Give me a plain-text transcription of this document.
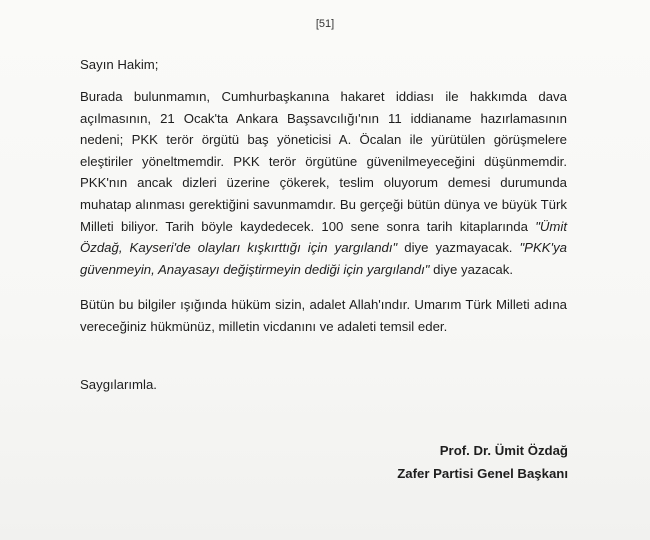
[51]
Sayın Hakim;
Burada bulunmamın, Cumhurbaşkanına hakaret iddiası ile hakkımda dava açılmasının, 21 Ocak'ta Ankara Başsavcılığı'nın 11 iddianame hazırlamasının nedeni; PKK terör örgütü baş yöneticisi A. Öcalan ile yürütülen görüşmelere eleştiriler yöneltmemdir. PKK terör örgütüne güvenilmeyeceğini düşünmemdir. PKK'nın ancak dizleri üzerine çökerek, teslim oluyorum demesi durumunda muhatap alınması gerektiğini savunmamdır. Bu gerçeği bütün dünya ve büyük Türk Milleti biliyor. Tarih böyle kaydedecek. 100 sene sonra tarih kitaplarında "Ümit Özdağ, Kayseri'de olayları kışkırttığı için yargılandı" diye yazmayacak. "PKK'ya güvenmeyin, Anayasayı değiştirmeyin dediği için yargılandı" diye yazacak.
Bütün bu bilgiler ışığında hüküm sizin, adalet Allah'ındır. Umarım Türk Milleti adına vereceğiniz hükmünüz, milletin vicdanını ve adaleti temsil eder.
Saygılarımla.
Prof. Dr. Ümit Özdağ
Zafer Partisi Genel Başkanı
